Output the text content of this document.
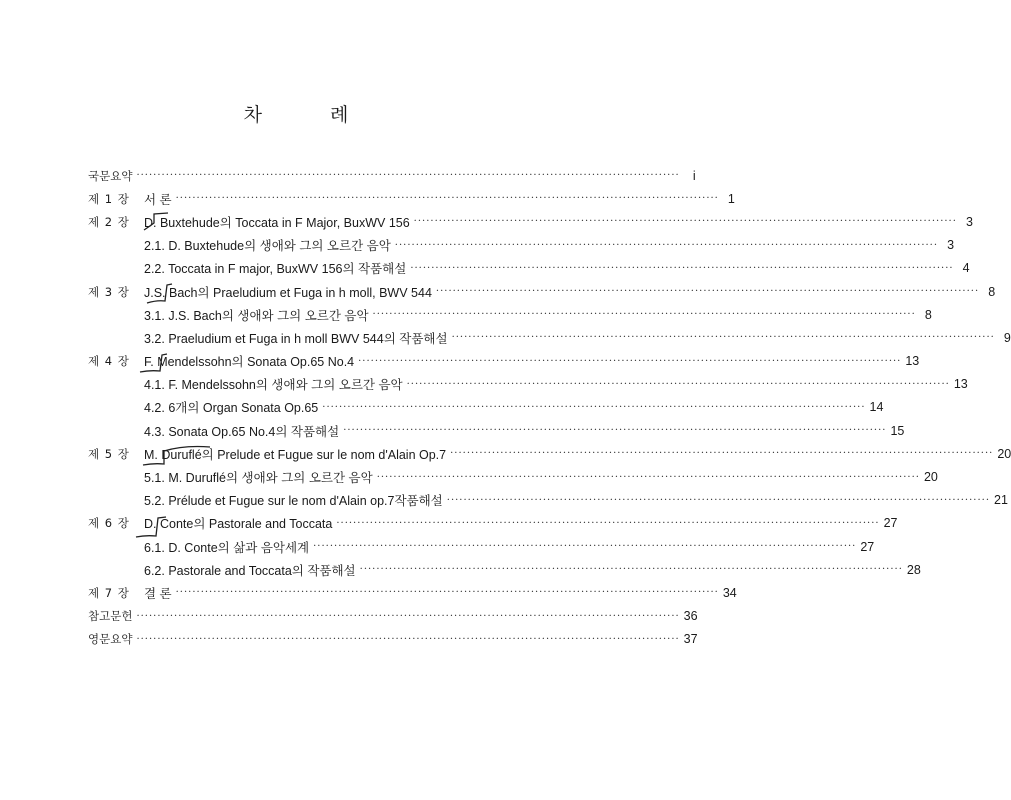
차	례
국문요약 ·····	i
제 1 장	서 론 ·····	1
제 2 장	D. Buxtehude의 Toccata in F Major, BuxWV 156 ·····	3
2.1. D. Buxtehude의 생애와 그의 오르간 음악 ·····	3
2.2. Toccata in F major, BuxWV 156의 작품해설 ·····	4
제 3 장	J.S. Bach의 Praeludium et Fuga in h moll, BWV 544 ·····	8
3.1. J.S. Bach의 생애와 그의 오르간 음악 ·····	8
3.2. Praeludium et Fuga in h moll BWV 544의 작품해설 ·····	9
제 4 장	F. Mendelssohn의 Sonata Op.65 No.4 ·····	13
4.1. F. Mendelssohn의 생애와 그의 오르간 음악 ·····	13
4.2. 6개의 Organ Sonata Op.65 ·····	14
4.3. Sonata Op.65 No.4의 작품해설 ·····	15
제 5 장	M. Duruflé의 Prelude et Fugue sur le nom d'Alain Op.7 ·····	20
5.1. M. Duruflé의 생애와 그의 오르간 음악 ·····	20
5.2. Prélude et Fugue sur le nom d'Alain op.7작품해설 ·····	21
제 6 장	D. Conte의 Pastorale and Toccata ·····	27
6.1. D. Conte의 삶과 음악세계 ·····	27
6.2. Pastorale and Toccata의 작품해설 ·····	28
제 7 장	결 론 ·····	34
참고문헌 ·····	36
영문요약 ·····	37
